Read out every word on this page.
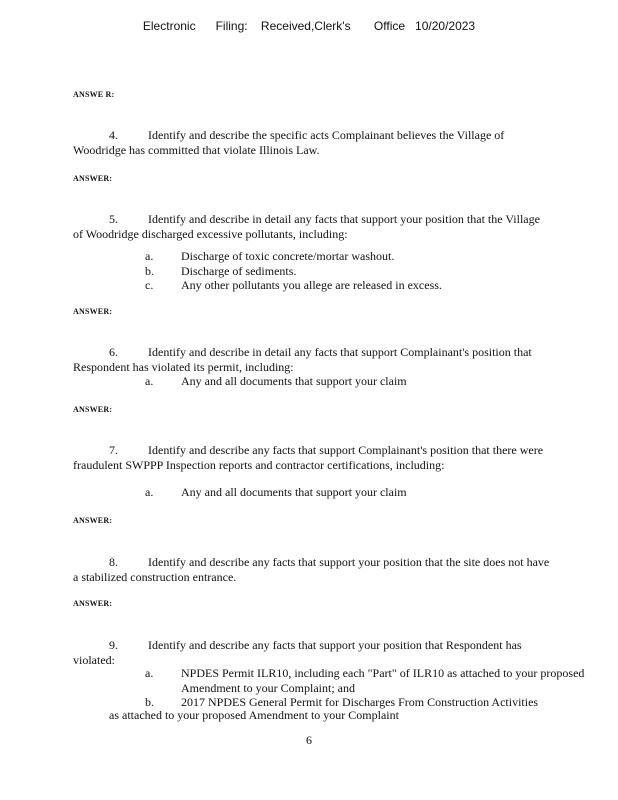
Electronic      Filing:    Received,Clerk's       Office   10/20/2023
ANSWE R:
4.	Identify and describe the specific acts Complainant believes the Village of
Woodridge has committed that violate Illinois Law.
ANSWER:
5.	Identify and describe in detail any facts that support your position that the Village
of Woodridge discharged excessive pollutants, including:
a.	Discharge of toxic concrete/mortar washout.
b.	Discharge of sediments.
c.	Any other pollutants you allege are released in excess.
ANSWER:
6.	Identify and describe in detail any facts that support Complainant's position that
Respondent has violated its permit, including:
a.	Any and all documents that support your claim
ANSWER:
7.	Identify and describe any facts that support Complainant's position that there were
fraudulent SWPPP Inspection reports and contractor certifications, including:
a.	Any and all documents that support your claim
ANSWER:
8.	Identify and describe any facts that support your position that the site does not have
a stabilized construction entrance.
ANSWER:
9.	Identify and describe any facts that support your position that Respondent has
violated:
a.	NPDES Permit ILR10, including each "Part" of ILR10 as attached to your proposed Amendment to your Complaint; and
b.	2017 NPDES General Permit for Discharges From Construction Activities
as attached to your proposed Amendment to your Complaint
6
